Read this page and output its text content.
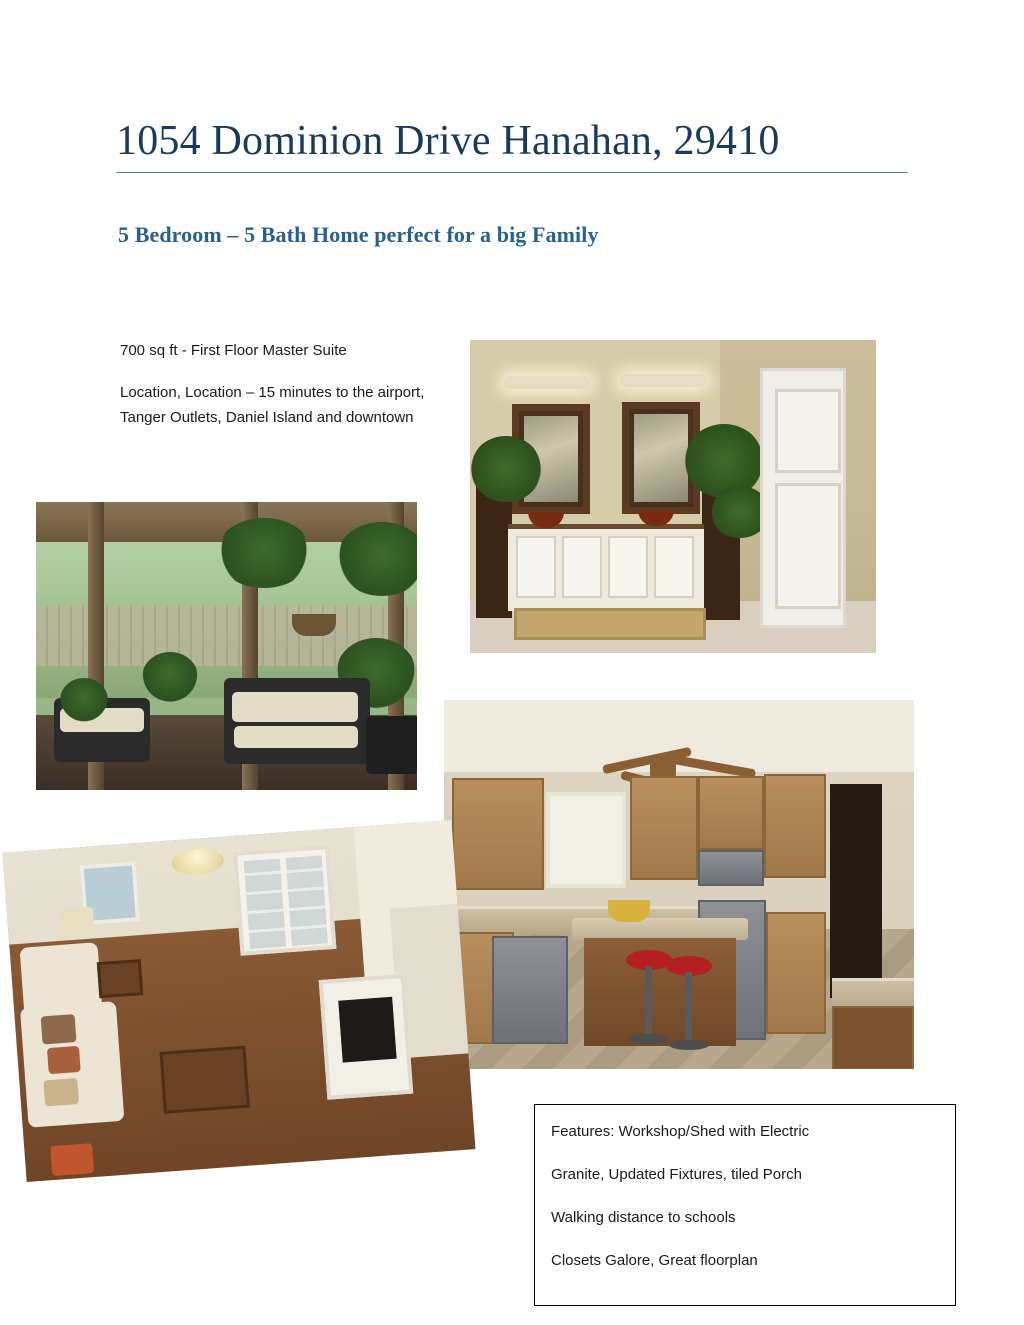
1054 Dominion Drive Hanahan, 29410
5 Bedroom – 5 Bath Home perfect for a big Family
700 sq ft - First Floor Master Suite
Location, Location – 15 minutes to the airport, Tanger Outlets, Daniel Island and downtown
Features: Workshop/Shed with Electric
Granite, Updated Fixtures, tiled Porch
Walking distance to schools
Closets Galore, Great floorplan
